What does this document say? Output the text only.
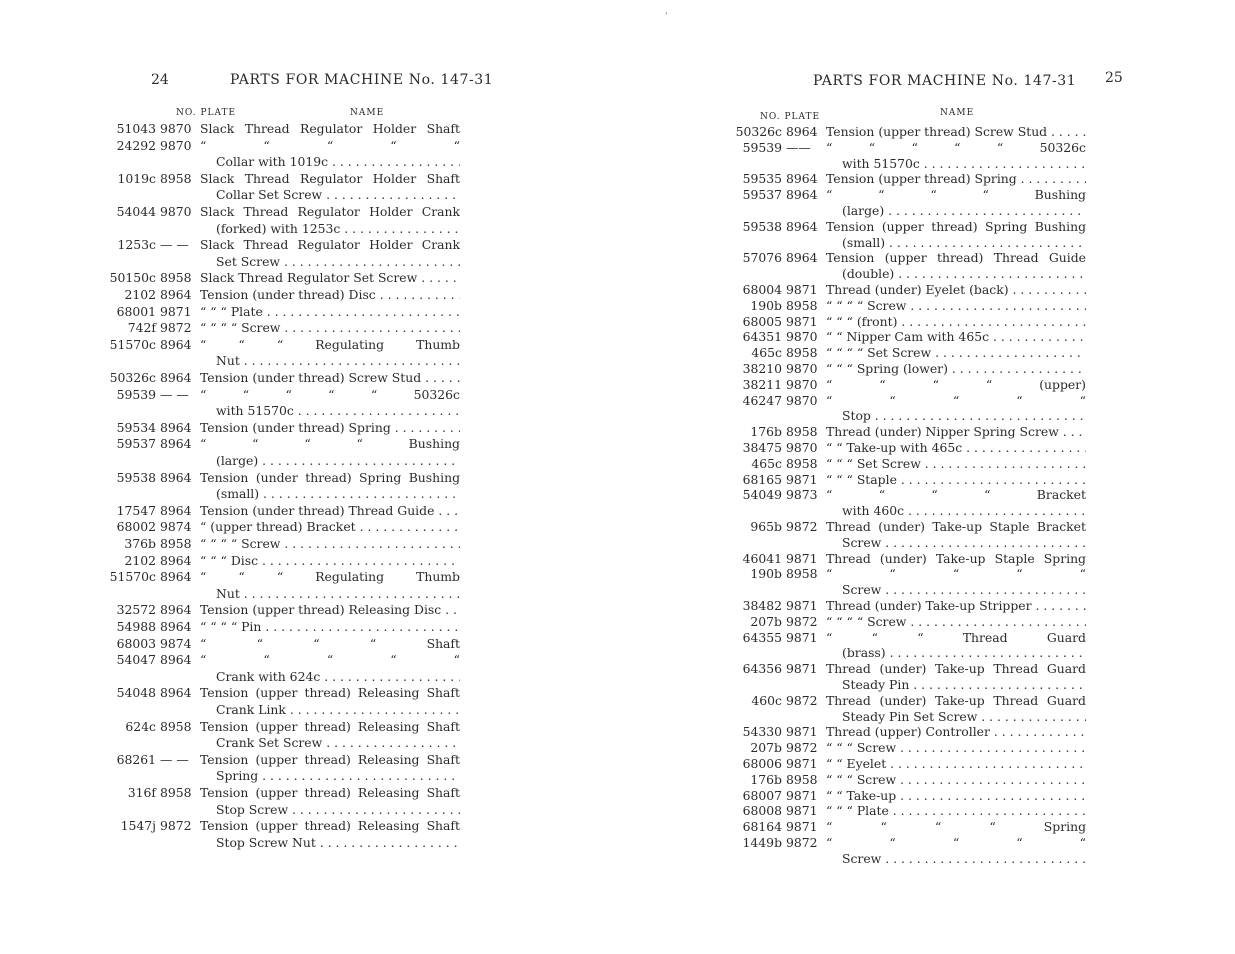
24	PARTS FOR MACHINE No. 147-31
NO. PLATE	NAME
51043 9870 Slack Thread Regulator Holder Shaft
24292 9870 “ “ “ “ “
Collar with 1019c . . .
1019c 8958 Slack Thread Regulator Holder Shaft
Collar Set Screw . . .
54044 9870 Slack Thread Regulator Holder Crank
(forked) with 1253c . . .
1253c — — Slack Thread Regulator Holder Crank
Set Screw . . .
50150c 8958 Slack Thread Regulator Set Screw . . .
2102 8964 Tension (under thread) Disc . . .
68001 9871 “ “ “ Plate . . .
742f 9872 “ “ “ “ Screw . . .
51570c 8964 “ “ “ Regulating Thumb
Nut . . .
50326c 8964 Tension (under thread) Screw Stud . . .
59539 — — “ “ “ “ “ 50326c
with 51570c . . .
59534 8964 Tension (under thread) Spring . . .
59537 8964 “ “ “ “ Bushing
(large) . . .
59538 8964 Tension (under thread) Spring Bushing
(small) . . .
17547 8964 Tension (under thread) Thread Guide . . .
68002 9874 “ (upper thread) Bracket . . .
376b 8958 “ “ “ “ Screw . . .
2102 8964 “ “ “ Disc . . .
51570c 8964 “ “ “ Regulating Thumb
Nut . . .
32572 8964 Tension (upper thread) Releasing Disc . . .
54988 8964 “ “ “ “ Pin . . .
68003 9874 “ “ “ “ Shaft
54047 8964 “ “ “ “ “
Crank with 624c . . .
54048 8964 Tension (upper thread) Releasing Shaft
Crank Link . . .
624c 8958 Tension (upper thread) Releasing Shaft
Crank Set Screw . . .
68261 — — Tension (upper thread) Releasing Shaft
Spring . . .
316f 8958 Tension (upper thread) Releasing Shaft
Stop Screw . . .
1547j 9872 Tension (upper thread) Releasing Shaft
Stop Screw Nut . . .
PARTS FOR MACHINE No. 147-31 25
NO. PLATE	NAME
50326c 8964 Tension (upper thread) Screw Stud . . .
59539 ——	“ “ “ “ “ 50326c
with 51570c . . .
59535 8964 Tension (upper thread) Spring . . .
59537 8964 “ “ “ “ Bushing
(large) . . .
59538 8964 Tension (upper thread) Spring Bushing
(small) . . .
57076 8964 Tension (upper thread) Thread Guide
(double) . . .
68004 9871 Thread (under) Eyelet (back) . . .
190b 8958 “ “ “ “ Screw . . .
68005 9871 “ “ “ (front) . . .
64351 9870 “ “ Nipper Cam with 465c . . .
465c 8958 “ “ “ “ Set Screw . . .
38210 9870 “ “ “ Spring (lower) . . .
38211 9870 “ “ “ “ (upper)
46247 9870 “ “ “ “ “
Stop . . .
176b 8958 Thread (under) Nipper Spring Screw . . .
38475 9870 “ “ Take-up with 465c . . .
465c 8958 “ “ “ Set Screw . . .
68165 9871 “ “ “ Staple . . .
54049 9873 “ “ “ “ Bracket
with 460c . . .
965b 9872 Thread (under) Take-up Staple Bracket
Screw . . .
46041 9871 Thread (under) Take-up Staple Spring
190b 8958 “ “ “ “ “
Screw . . .
38482 9871 Thread (under) Take-up Stripper . . .
207b 9872 “ “ “ “ Screw . . .
64355 9871 “ “ “ Thread Guard
(brass) . . .
64356 9871 Thread (under) Take-up Thread Guard
Steady Pin . . .
460c 9872 Thread (under) Take-up Thread Guard
Steady Pin Set Screw . . .
54330 9871 Thread (upper) Controller . . .
207b 9872 “ “ “ Screw . . .
68006 9871 “ “ Eyelet . . .
176b 8958 “ “ “ Screw . . .
68007 9871 “ “ Take-up . . .
68008 9871 “ “ “ Plate . . .
68164 9871 “ “ “ “ Spring
1449b 9872 “ “ “ “ “
Screw . . .
'
